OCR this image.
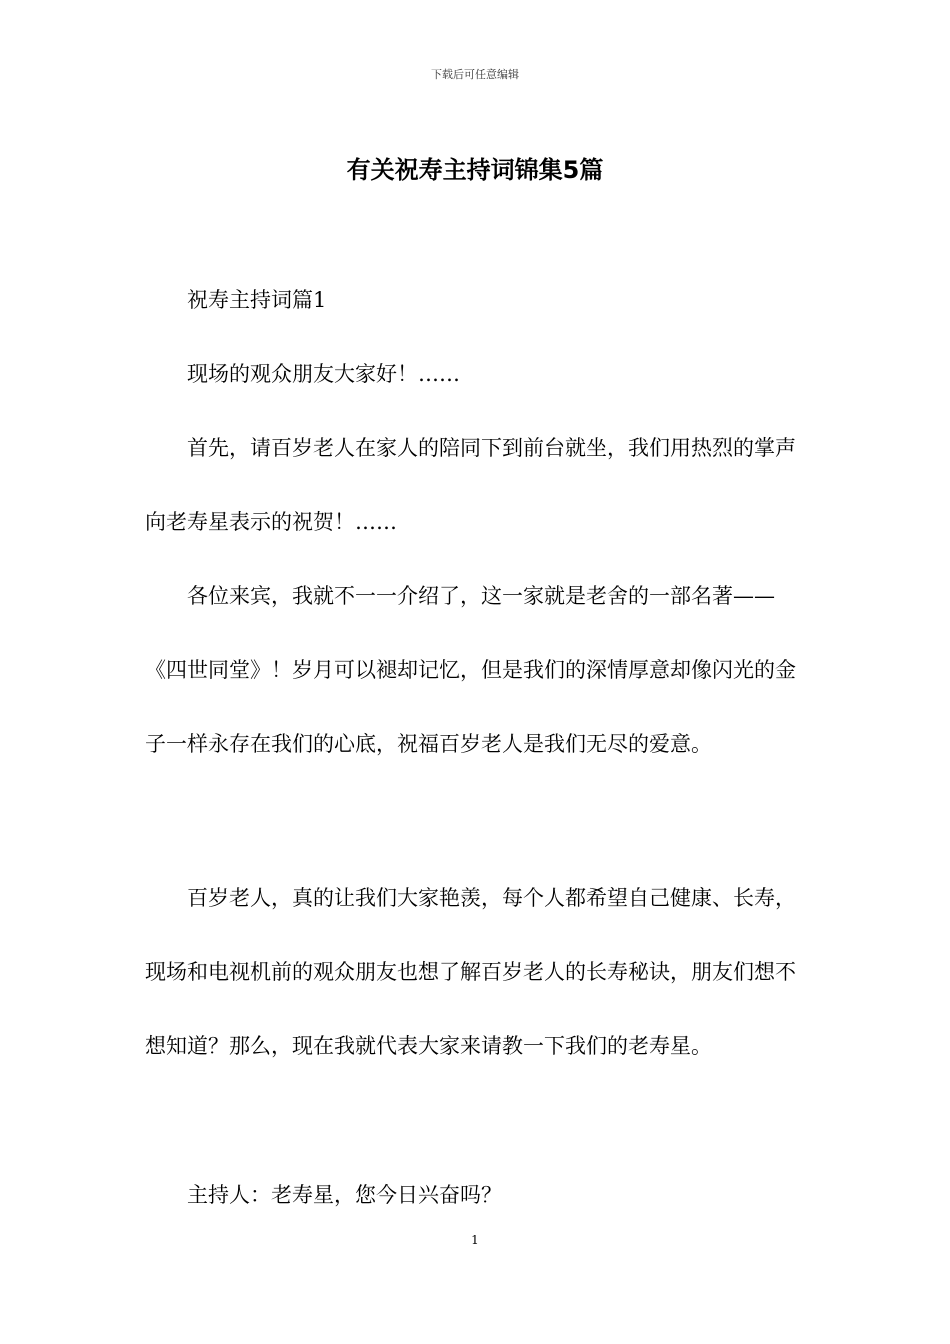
下载后可任意编辑
有关祝寿主持词锦集5篇

祝寿主持词篇1

现场的观众朋友大家好！……

首先，请百岁老人在家人的陪同下到前台就坐，我们用热烈的掌声向老寿星表示的祝贺！……

各位来宾，我就不一一介绍了，这一家就是老舍的一部名著——《四世同堂》！岁月可以褪却记忆，但是我们的深情厚意却像闪光的金子一样永存在我们的心底，祝福百岁老人是我们无尽的爱意。

百岁老人，真的让我们大家艳羡，每个人都希望自己健康、长寿，现场和电视机前的观众朋友也想了解百岁老人的长寿秘诀，朋友们想不想知道？那么，现在我就代表大家来请教一下我们的老寿星。

主持人：老寿星，您今日兴奋吗？

1
